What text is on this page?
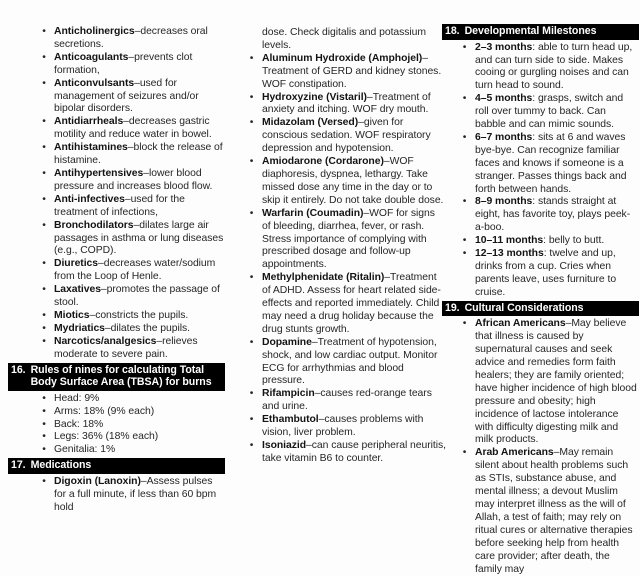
• Anticholinergics–decreases oral secretions.
• Anticoagulants–prevents clot formation,
• Anticonvulsants–used for management of seizures and/or bipolar disorders.
• Antidiarrheals–decreases gastric motility and reduce water in bowel.
• Antihistamines–block the release of histamine.
• Antihypertensives–lower blood pressure and increases blood flow.
• Anti-infectives–used for the treatment of infections,
• Bronchodilators–dilates large air passages in asthma or lung diseases (e.g., COPD).
• Diuretics–decreases water/sodium from the Loop of Henle.
• Laxatives–promotes the passage of stool.
• Miotics–constricts the pupils.
• Mydriatics–dilates the pupils.
• Narcotics/analgesics–relieves moderate to severe pain.
16. Rules of nines for calculating Total Body Surface Area (TBSA) for burns
• Head: 9%
• Arms: 18% (9% each)
• Back: 18%
• Legs: 36% (18% each)
• Genitalia: 1%
17. Medications
• Digoxin (Lanoxin)–Assess pulses for a full minute, if less than 60 bpm hold
dose. Check digitalis and potassium levels.
• Aluminum Hydroxide (Amphojel)–Treatment of GERD and kidney stones. WOF constipation.
• Hydroxyzine (Vistaril)–Treatment of anxiety and itching. WOF dry mouth.
• Midazolam (Versed)–given for conscious sedation. WOF respiratory depression and hypotension.
• Amiodarone (Cordarone)–WOF diaphoresis, dyspnea, lethargy. Take missed dose any time in the day or to skip it entirely. Do not take double dose.
• Warfarin (Coumadin)–WOF for signs of bleeding, diarrhea, fever, or rash. Stress importance of complying with prescribed dosage and follow-up appointments.
• Methylphenidate (Ritalin)–Treatment of ADHD. Assess for heart related side-effects and reported immediately. Child may need a drug holiday because the drug stunts growth.
• Dopamine–Treatment of hypotension, shock, and low cardiac output. Monitor ECG for arrhythmias and blood pressure.
• Rifampicin–causes red-orange tears and urine.
• Ethambutol–causes problems with vision, liver problem.
• Isoniazid–can cause peripheral neuritis, take vitamin B6 to counter.
18. Developmental Milestones
• 2–3 months: able to turn head up, and can turn side to side. Makes cooing or gurgling noises and can turn head to sound.
• 4–5 months: grasps, switch and roll over tummy to back. Can babble and can mimic sounds.
• 6–7 months: sits at 6 and waves bye-bye. Can recognize familiar faces and knows if someone is a stranger. Passes things back and forth between hands.
• 8–9 months: stands straight at eight, has favorite toy, plays peek-a-boo.
• 10–11 months: belly to butt.
• 12–13 months: twelve and up, drinks from a cup. Cries when parents leave, uses furniture to cruise.
19. Cultural Considerations
• African Americans–May believe that illness is caused by supernatural causes and seek advice and remedies form faith healers; they are family oriented; have higher incidence of high blood pressure and obesity; high incidence of lactose intolerance with difficulty digesting milk and milk products.
• Arab Americans–May remain silent about health problems such as STIs, substance abuse, and mental illness; a devout Muslim may interpret illness as the will of Allah, a test of faith; may rely on ritual cures or alternative therapies before seeking help from health care provider; after death, the family may
